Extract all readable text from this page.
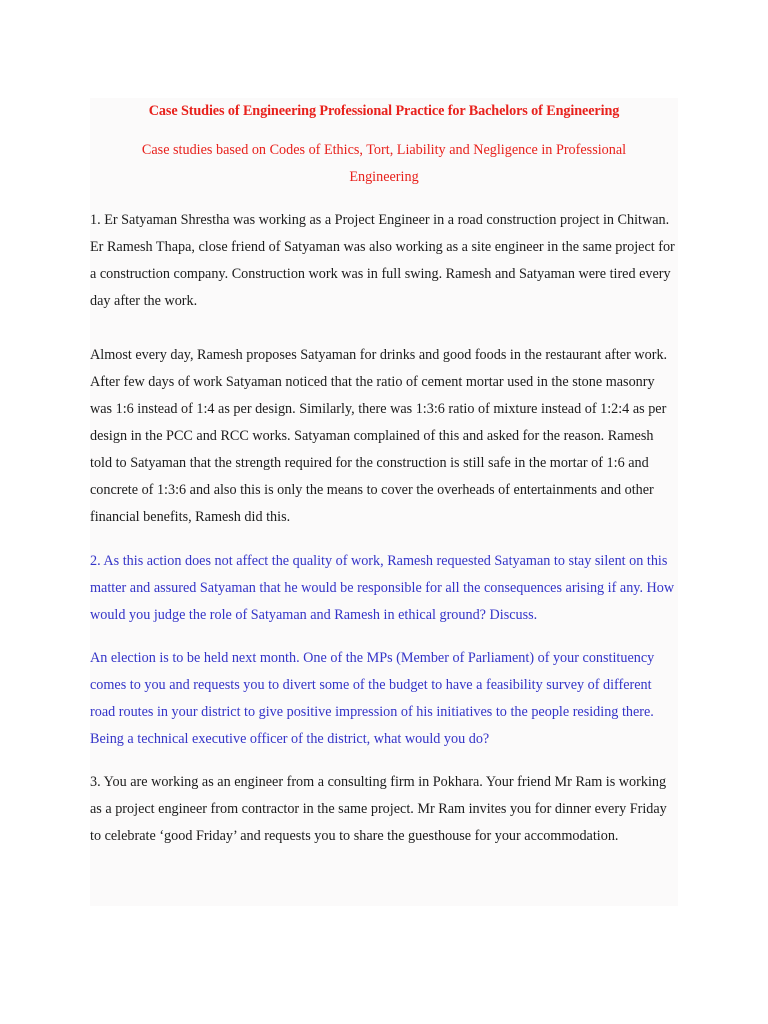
Case Studies of Engineering Professional Practice for Bachelors of Engineering

Case studies based on Codes of Ethics, Tort, Liability and Negligence in Professional Engineering

1. Er Satyaman Shrestha was working as a Project Engineer in a road construction project in Chitwan. Er Ramesh Thapa, close friend of Satyaman was also working as a site engineer in the same project for a construction company. Construction work was in full swing. Ramesh and Satyaman were tired every day after the work.

Almost every day, Ramesh proposes Satyaman for drinks and good foods in the restaurant after work. After few days of work Satyaman noticed that the ratio of cement mortar used in the stone masonry was 1:6 instead of 1:4 as per design. Similarly, there was 1:3:6 ratio of mixture instead of 1:2:4 as per design in the PCC and RCC works. Satyaman complained of this and asked for the reason. Ramesh told to Satyaman that the strength required for the construction is still safe in the mortar of 1:6 and concrete of 1:3:6 and also this is only the means to cover the overheads of entertainments and other financial benefits, Ramesh did this.

2. As this action does not affect the quality of work, Ramesh requested Satyaman to stay silent on this matter and assured Satyaman that he would be responsible for all the consequences arising if any. How would you judge the role of Satyaman and Ramesh in ethical ground? Discuss.

An election is to be held next month. One of the MPs (Member of Parliament) of your constituency comes to you and requests you to divert some of the budget to have a feasibility survey of different road routes in your district to give positive impression of his initiatives to the people residing there. Being a technical executive officer of the district, what would you do?

3. You are working as an engineer from a consulting firm in Pokhara. Your friend Mr Ram is working as a project engineer from contractor in the same project. Mr Ram invites you for dinner every Friday to celebrate ‘good Friday’ and requests you to share the guesthouse for your accommodation.
